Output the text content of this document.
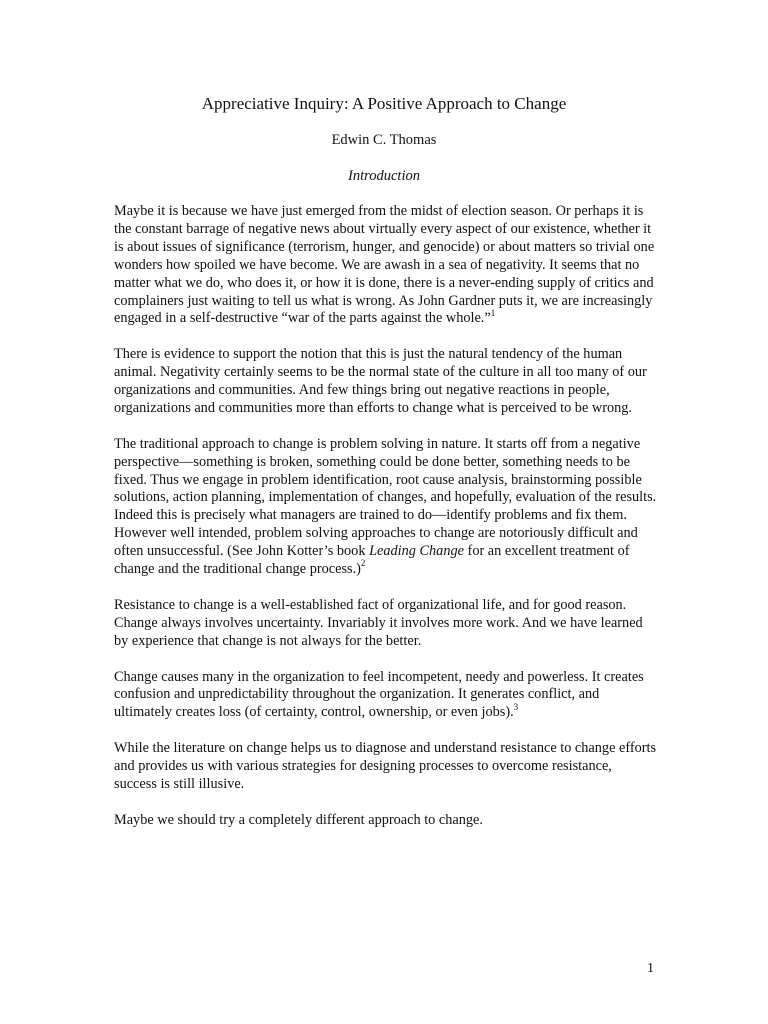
Appreciative Inquiry: A Positive Approach to Change
Edwin C. Thomas
Introduction

Maybe it is because we have just emerged from the midst of election season. Or perhaps it is the constant barrage of negative news about virtually every aspect of our existence, whether it is about issues of significance (terrorism, hunger, and genocide) or about matters so trivial one wonders how spoiled we have become. We are awash in a sea of negativity. It seems that no matter what we do, who does it, or how it is done, there is a never-ending supply of critics and complainers just waiting to tell us what is wrong. As John Gardner puts it, we are increasingly engaged in a self-destructive “war of the parts against the whole.”$^1$

There is evidence to support the notion that this is just the natural tendency of the human animal. Negativity certainly seems to be the normal state of the culture in all too many of our organizations and communities. And few things bring out negative reactions in people, organizations and communities more than efforts to change what is perceived to be wrong.

The traditional approach to change is problem solving in nature. It starts off from a negative perspective—something is broken, something could be done better, something needs to be fixed. Thus we engage in problem identification, root cause analysis, brainstorming possible solutions, action planning, implementation of changes, and hopefully, evaluation of the results. Indeed this is precisely what managers are trained to do—identify problems and fix them. However well intended, problem solving approaches to change are notoriously difficult and often unsuccessful. (See John Kotter’s book Leading Change for an excellent treatment of change and the traditional change process.)$^2$

Resistance to change is a well-established fact of organizational life, and for good reason. Change always involves uncertainty. Invariably it involves more work. And we have learned by experience that change is not always for the better.

Change causes many in the organization to feel incompetent, needy and powerless. It creates confusion and unpredictability throughout the organization. It generates conflict, and ultimately creates loss (of certainty, control, ownership, or even jobs).$^3$

While the literature on change helps us to diagnose and understand resistance to change efforts and provides us with various strategies for designing processes to overcome resistance, success is still illusive.

Maybe we should try a completely different approach to change.

1
